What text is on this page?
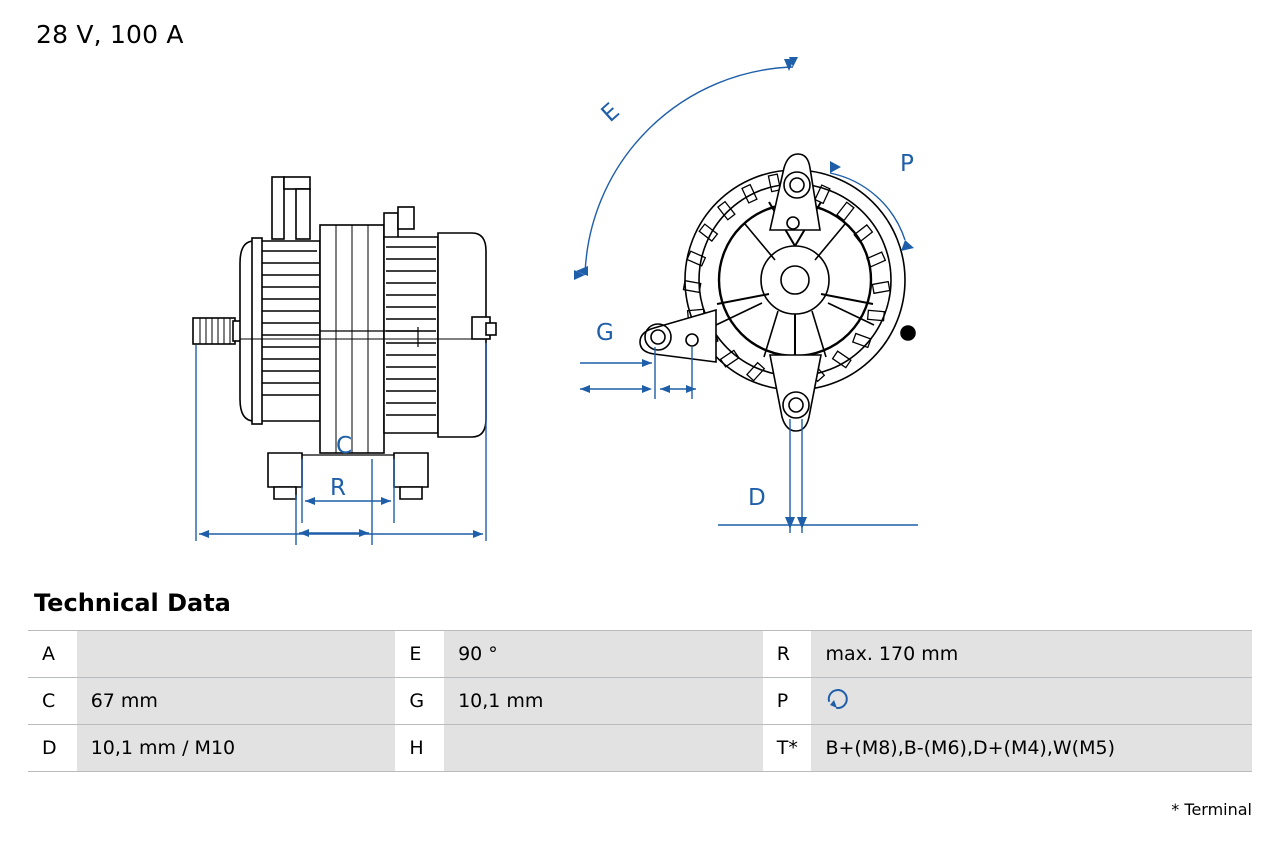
28 V, 100 A
C
R
E
P
G
D
Technical Data
A		E	90 °	R	max. 170 mm
C	67 mm	G	10,1 mm	P	
D	10,1 mm / M10	H		T*	B+(M8),B-(M6),D+(M4),W(M5)
* Terminal
